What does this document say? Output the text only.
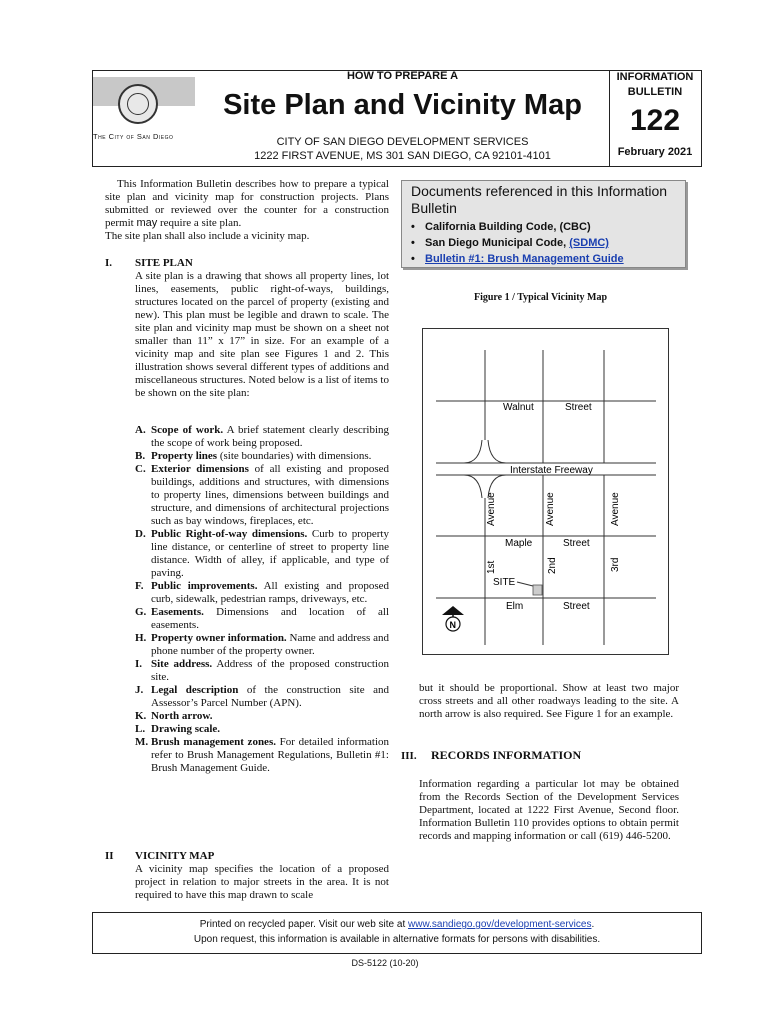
The City of San Diego
HOW TO PREPARE A
Site Plan and Vicinity Map
CITY OF SAN DIEGO DEVELOPMENT SERVICES
1222 FIRST AVENUE, MS 301 SAN DIEGO, CA 92101-4101
INFORMATION
BULLETIN
122
February 2021
This Information Bulletin describes how to prepare a typical site plan and vicinity map for construction projects. Plans submitted or reviewed over the counter for a construction permit may require a site plan.
The site plan shall also include a vicinity map.
I. SITE PLAN
A site plan is a drawing that shows all property lines, lot lines, easements, public right-of-ways, buildings, structures located on the parcel of property (existing and new). This plan must be legible and drawn to scale. The site plan and vicinity map must be shown on a sheet not smaller than 11” x 17” in size. For an example of a vicinity map and site plan see Figures 1 and 2. This illustration shows several different types of additions and miscellaneous structures. Noted below is a list of items to be shown on the site plan:
A. Scope of work. A brief statement clearly describing the scope of work being proposed.
B. Property lines (site boundaries) with dimensions.
C. Exterior dimensions of all existing and proposed buildings, additions and structures, with dimensions to property lines, dimensions between buildings and structure, and dimensions of architectural projections such as bay windows, fireplaces, etc.
D. Public Right-of-way dimensions. Curb to property line distance, or centerline of street to property line distance. Width of alley, if applicable, and type of paving.
F. Public improvements. All existing and proposed curb, sidewalk, pedestrian ramps, driveways, etc.
G. Easements. Dimensions and location of all easements.
H. Property owner information. Name and address and phone number of the property owner.
I. Site address. Address of the proposed construction site.
J. Legal description of the construction site and Assessor’s Parcel Number (APN).
K. North arrow.
L. Drawing scale.
M. Brush management zones. For detailed information refer to Brush Management Regulations, Bulletin #1: Brush Management Guide.
II VICINITY MAP
A vicinity map specifies the location of a proposed project in relation to major streets in the area. It is not required to have this map drawn to scale
Documents referenced in this Information Bulletin
• California Building Code, (CBC)
• San Diego Municipal Code, (SDMC)
• Bulletin #1: Brush Management Guide
Figure 1 / Typical Vicinity Map
Walnut	Street
Interstate Freeway
Avenue	Avenue	Avenue
Maple	Street
1st	2nd	3rd
SITE
Elm	Street
N
but it should be proportional. Show at least two major cross streets and all other roadways leading to the site. A north arrow is also required. See Figure 1 for an example.
III. RECORDS INFORMATION
Information regarding a particular lot may be obtained from the Records Section of the Development Services Department, located at 1222 First Avenue, Second floor. Information Bulletin 110 provides options to obtain permit records and mapping information or call (619) 446-5200.
Printed on recycled paper. Visit our web site at www.sandiego.gov/development-services.
Upon request, this information is available in alternative formats for persons with disabilities.
DS-5122 (10-20)
